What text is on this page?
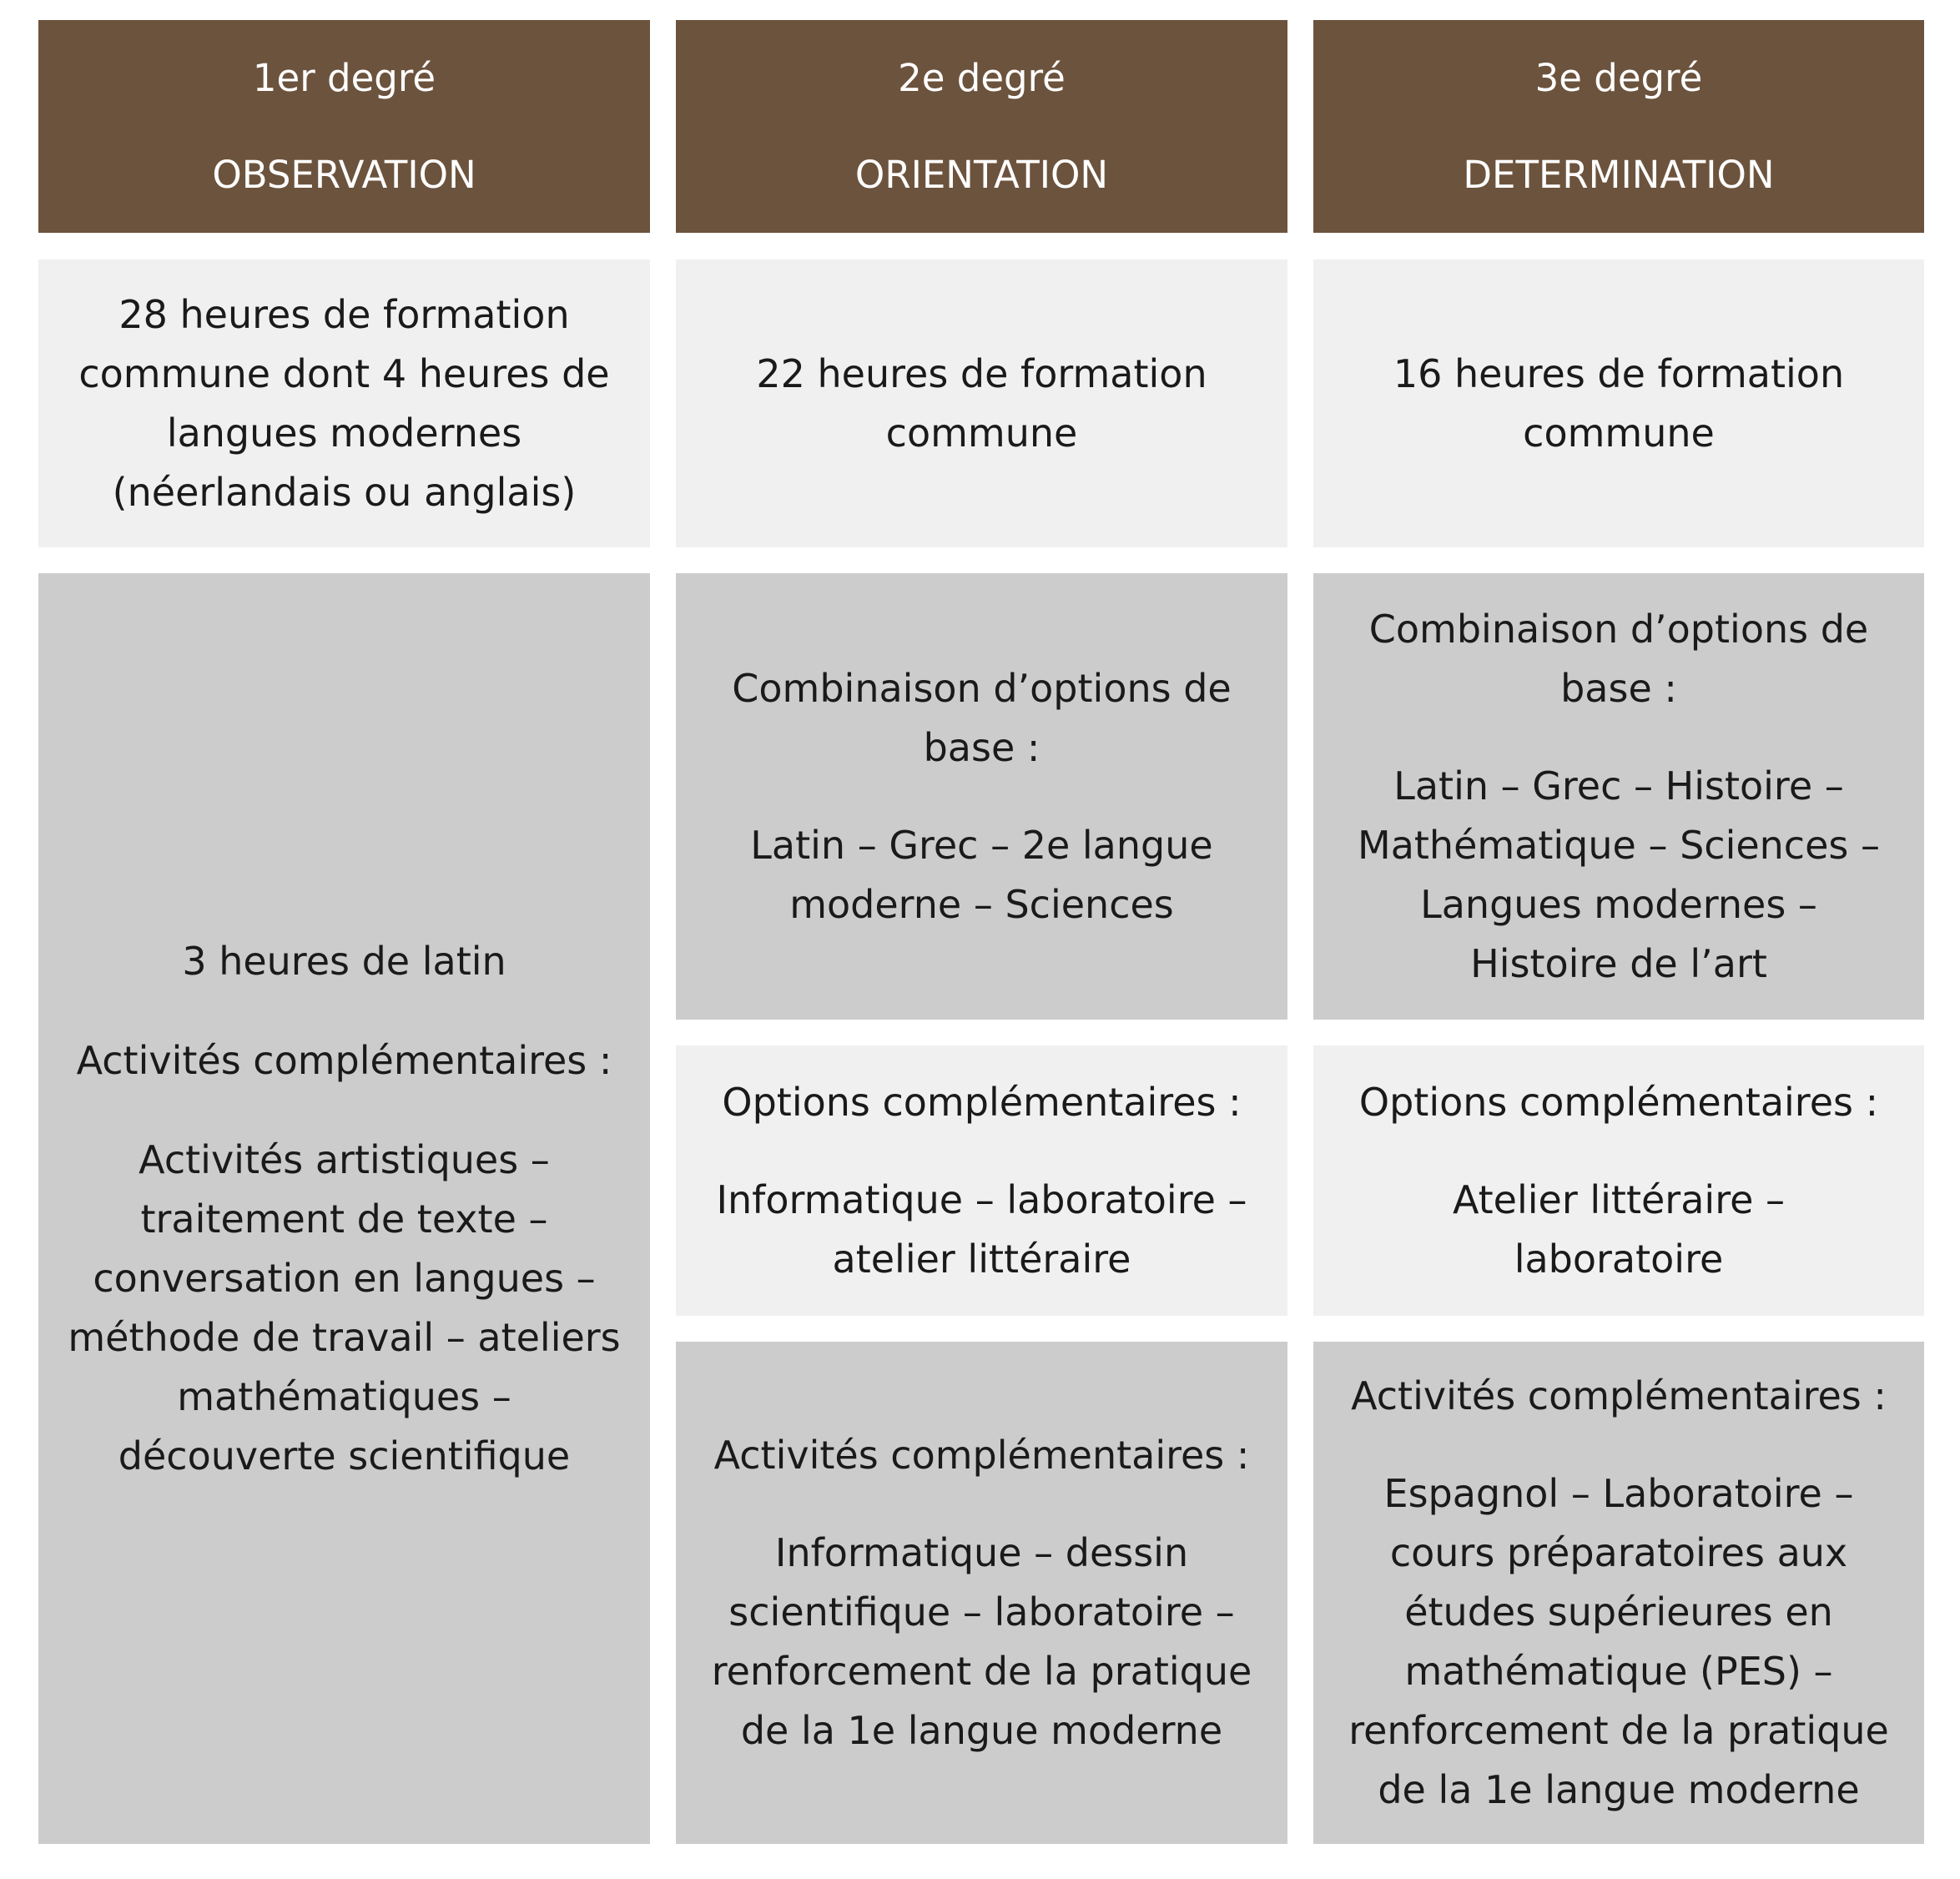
1er degré
OBSERVATION
2e degré
ORIENTATION
3e degré
DETERMINATION

28 heures de formation
commune dont 4 heures de
langues modernes
(néerlandais ou anglais)

22 heures de formation
commune

16 heures de formation
commune

3 heures de latin

Activités complémentaires :

Activités artistiques –
traitement de texte –
conversation en langues –
méthode de travail – ateliers
mathématiques –
découverte scientifique

Combinaison d’options de
base :

Latin – Grec – 2e langue
moderne – Sciences

Options complémentaires :

Informatique – laboratoire –
atelier littéraire

Activités complémentaires :

Informatique – dessin
scientifique – laboratoire –
renforcement de la pratique
de la 1e langue moderne

Combinaison d’options de
base :

Latin – Grec – Histoire –
Mathématique – Sciences –
Langues modernes –
Histoire de l’art

Options complémentaires :

Atelier littéraire –
laboratoire

Activités complémentaires :

Espagnol – Laboratoire –
cours préparatoires aux
études supérieures en
mathématique (PES) –
renforcement de la pratique
de la 1e langue moderne
